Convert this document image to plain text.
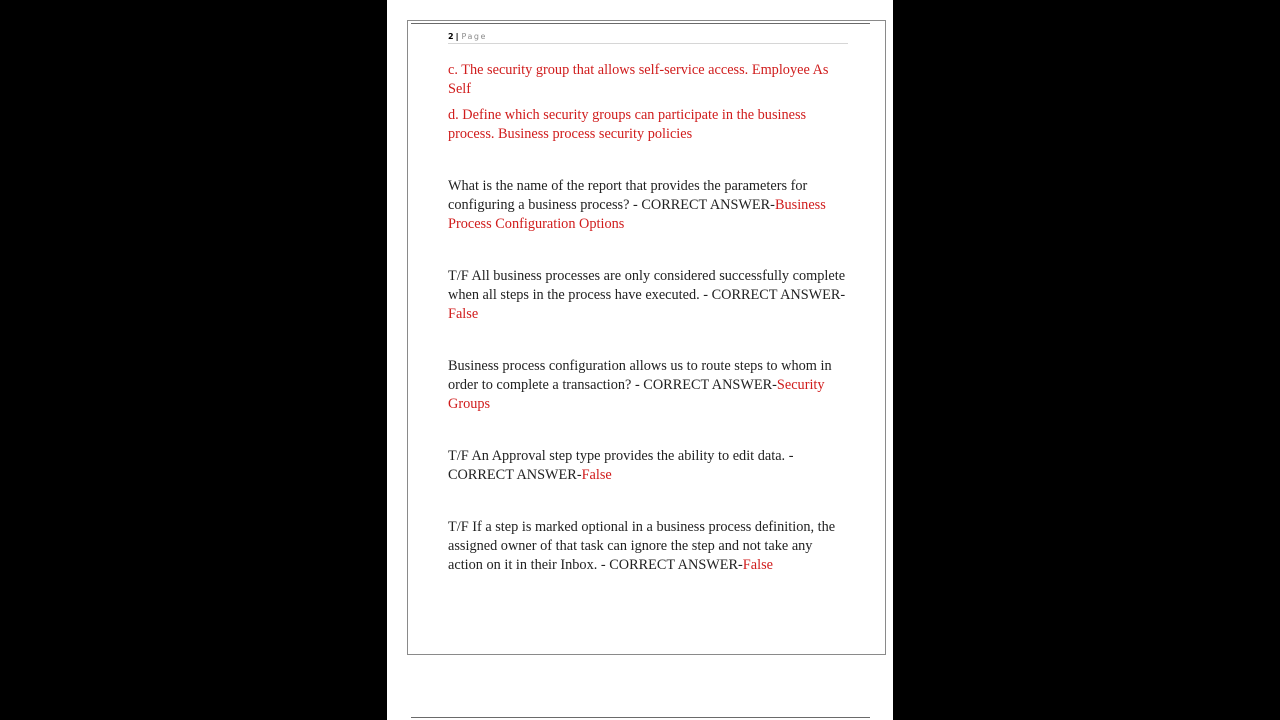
2 | Page

c. The security group that allows self-service access. Employee As Self

d. Define which security groups can participate in the business process. Business process security policies

What is the name of the report that provides the parameters for configuring a business process? - CORRECT ANSWER-Business Process Configuration Options

T/F All business processes are only considered successfully complete when all steps in the process have executed. - CORRECT ANSWER-False

Business process configuration allows us to route steps to whom in order to complete a transaction? - CORRECT ANSWER-Security Groups

T/F An Approval step type provides the ability to edit data. - CORRECT ANSWER-False

T/F If a step is marked optional in a business process definition, the assigned owner of that task can ignore the step and not take any action on it in their Inbox. - CORRECT ANSWER-False
